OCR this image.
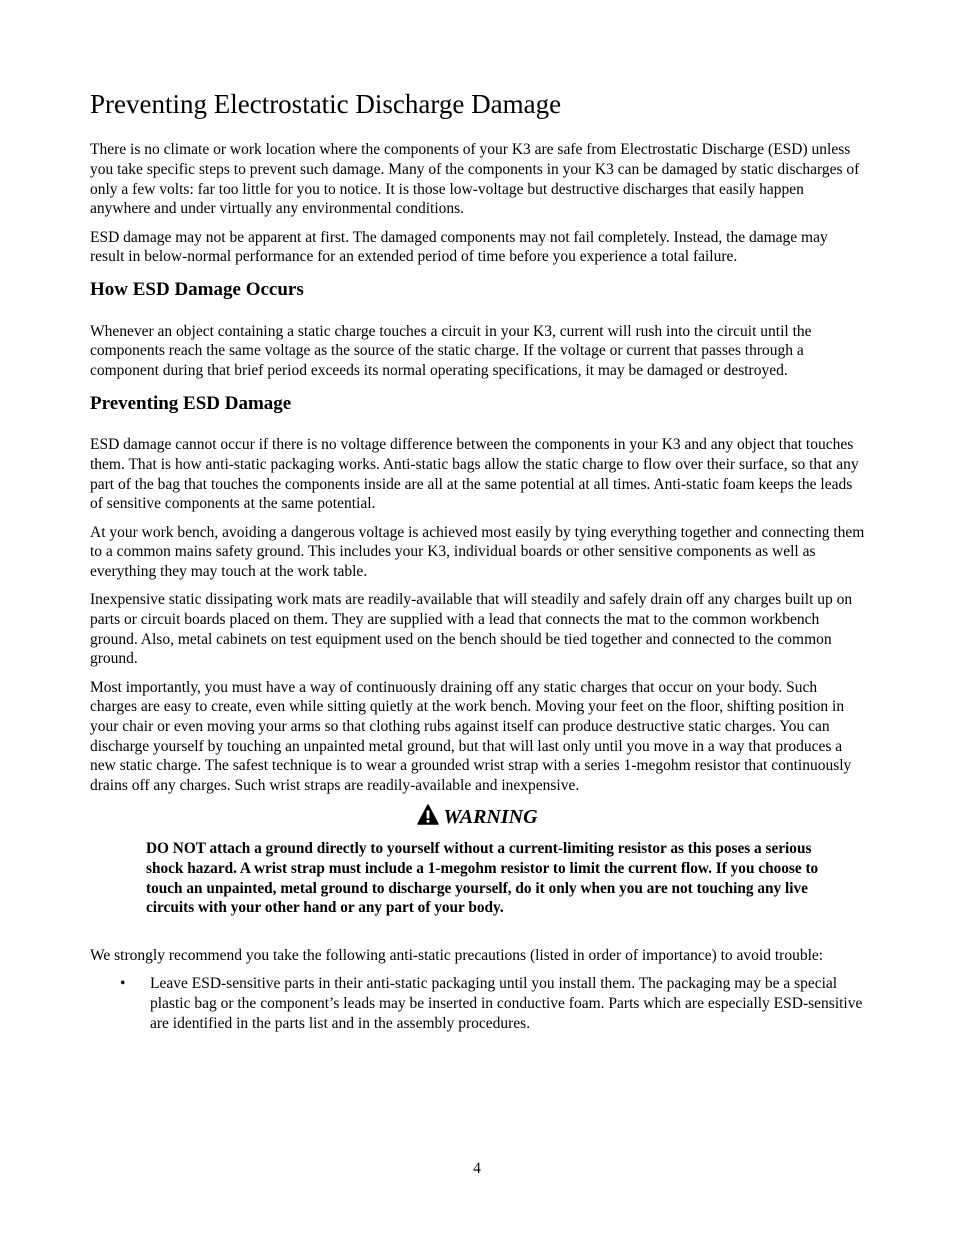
Preventing Electrostatic Discharge Damage

There is no climate or work location where the components of your K3 are safe from Electrostatic Discharge (ESD) unless you take specific steps to prevent such damage. Many of the components in your K3 can be damaged by static discharges of only a few volts: far too little for you to notice. It is those low-voltage but destructive discharges that easily happen anywhere and under virtually any environmental conditions.

ESD damage may not be apparent at first. The damaged components may not fail completely. Instead, the damage may result in below-normal performance for an extended period of time before you experience a total failure.

How ESD Damage Occurs

Whenever an object containing a static charge touches a circuit in your K3, current will rush into the circuit until the components reach the same voltage as the source of the static charge. If the voltage or current that passes through a component during that brief period exceeds its normal operating specifications, it may be damaged or destroyed.

Preventing ESD Damage

ESD damage cannot occur if there is no voltage difference between the components in your K3 and any object that touches them. That is how anti-static packaging works. Anti-static bags allow the static charge to flow over their surface, so that any part of the bag that touches the components inside are all at the same potential at all times. Anti-static foam keeps the leads of sensitive components at the same potential.

At your work bench, avoiding a dangerous voltage is achieved most easily by tying everything together and connecting them to a common mains safety ground. This includes your K3, individual boards or other sensitive components as well as everything they may touch at the work table.

Inexpensive static dissipating work mats are readily-available that will steadily and safely drain off any charges built up on parts or circuit boards placed on them. They are supplied with a lead that connects the mat to the common workbench ground. Also, metal cabinets on test equipment used on the bench should be tied together and connected to the common ground.

Most importantly, you must have a way of continuously draining off any static charges that occur on your body. Such charges are easy to create, even while sitting quietly at the work bench. Moving your feet on the floor, shifting position in your chair or even moving your arms so that clothing rubs against itself can produce destructive static charges. You can discharge yourself by touching an unpainted metal ground, but that will last only until you move in a way that produces a new static charge. The safest technique is to wear a grounded wrist strap with a series 1-megohm resistor that continuously drains off any charges. Such wrist straps are readily-available and inexpensive.

WARNING
DO NOT attach a ground directly to yourself without a current-limiting resistor as this poses a serious shock hazard. A wrist strap must include a 1-megohm resistor to limit the current flow. If you choose to touch an unpainted, metal ground to discharge yourself, do it only when you are not touching any live circuits with your other hand or any part of your body.

We strongly recommend you take the following anti-static precautions (listed in order of importance) to avoid trouble:

• Leave ESD-sensitive parts in their anti-static packaging until you install them. The packaging may be a special plastic bag or the component’s leads may be inserted in conductive foam. Parts which are especially ESD-sensitive are identified in the parts list and in the assembly procedures.
4
